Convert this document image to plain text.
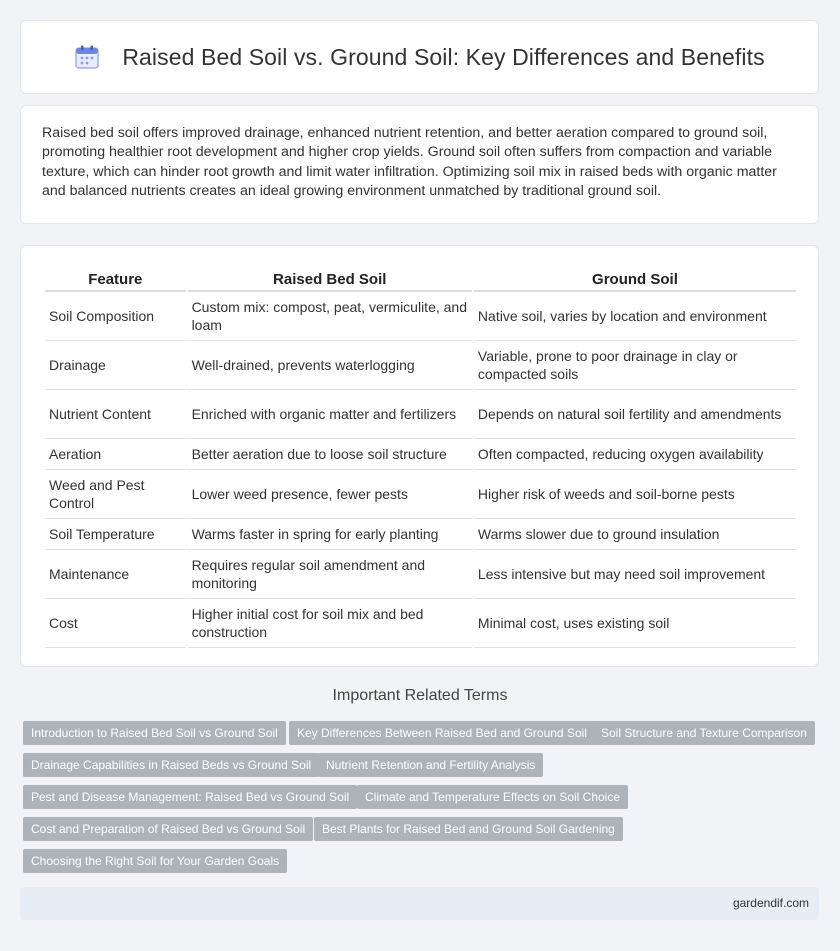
Raised Bed Soil vs. Ground Soil: Key Differences and Benefits

Raised bed soil offers improved drainage, enhanced nutrient retention, and better aeration compared to ground soil, promoting healthier root development and higher crop yields. Ground soil often suffers from compaction and variable texture, which can hinder root growth and limit water infiltration. Optimizing soil mix in raised beds with organic matter and balanced nutrients creates an ideal growing environment unmatched by traditional ground soil.

Feature	Raised Bed Soil	Ground Soil
Soil Composition	Custom mix: compost, peat, vermiculite, and loam	Native soil, varies by location and environment
Drainage	Well-drained, prevents waterlogging	Variable, prone to poor drainage in clay or compacted soils
Nutrient Content	Enriched with organic matter and fertilizers	Depends on natural soil fertility and amendments
Aeration	Better aeration due to loose soil structure	Often compacted, reducing oxygen availability
Weed and Pest Control	Lower weed presence, fewer pests	Higher risk of weeds and soil-borne pests
Soil Temperature	Warms faster in spring for early planting	Warms slower due to ground insulation
Maintenance	Requires regular soil amendment and monitoring	Less intensive but may need soil improvement
Cost	Higher initial cost for soil mix and bed construction	Minimal cost, uses existing soil
Important Related Terms
Introduction to Raised Bed Soil vs Ground Soil	Key Differences Between Raised Bed and Ground Soil	Soil Structure and Texture Comparison
Drainage Capabilities in Raised Beds vs Ground Soil	Nutrient Retention and Fertility Analysis
Pest and Disease Management: Raised Bed vs Ground Soil	Climate and Temperature Effects on Soil Choice
Cost and Preparation of Raised Bed vs Ground Soil	Best Plants for Raised Bed and Ground Soil Gardening
Choosing the Right Soil for Your Garden Goals
gardendif.com
